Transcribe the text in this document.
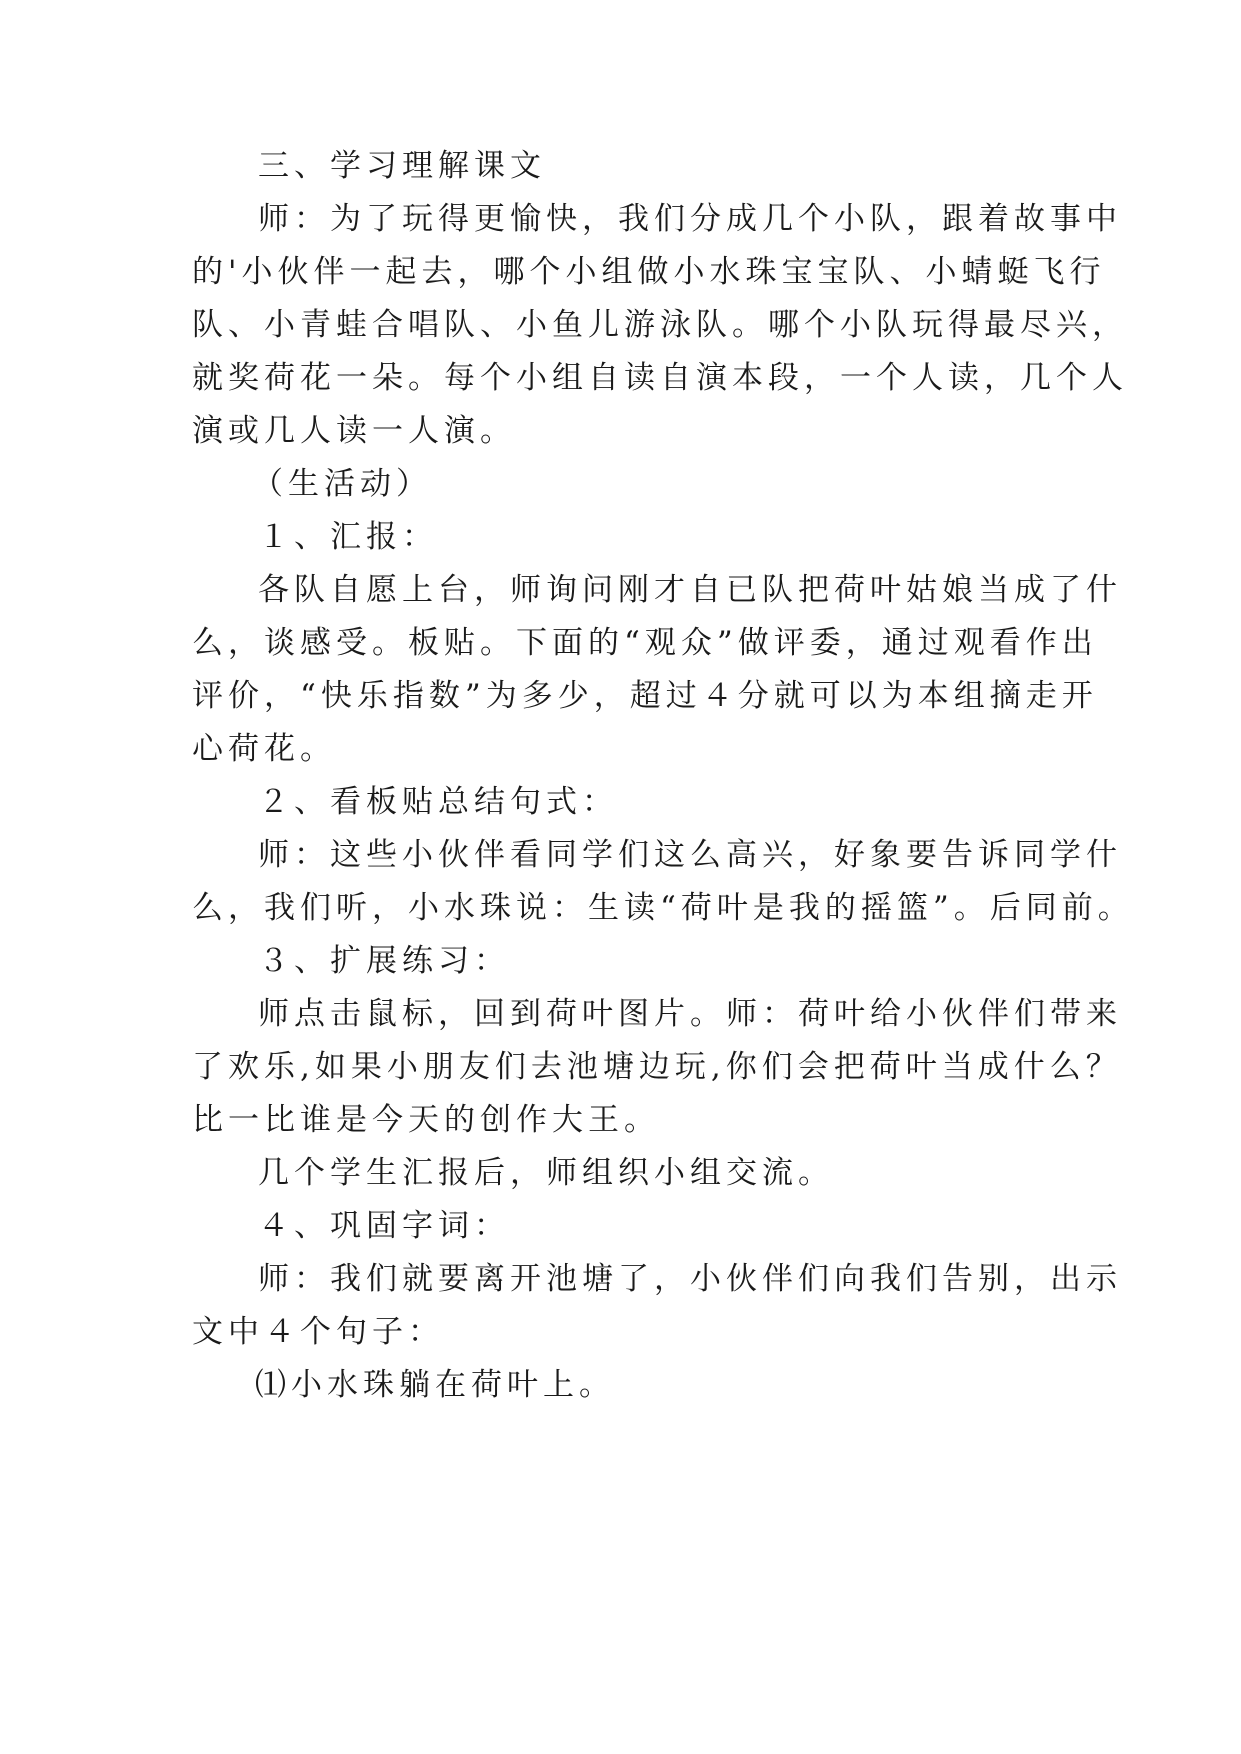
三、学习理解课文
师：为了玩得更愉快，我们分成几个小队，跟着故事中
的'小伙伴一起去，哪个小组做小水珠宝宝队、小蜻蜓飞行
队、小青蛙合唱队、小鱼儿游泳队。哪个小队玩得最尽兴，
就奖荷花一朵。每个小组自读自演本段，一个人读，几个人
演或几人读一人演。
（生活动）
１、汇报：
各队自愿上台，师询问刚才自已队把荷叶姑娘当成了什
么，谈感受。板贴。下面的“观众”做评委，通过观看作出
评价，“快乐指数”为多少，超过４分就可以为本组摘走开
心荷花。
２、看板贴总结句式：
师：这些小伙伴看同学们这么高兴，好象要告诉同学什
么，我们听，小水珠说：生读“荷叶是我的摇篮”。后同前。
３、扩展练习：
师点击鼠标，回到荷叶图片。师：荷叶给小伙伴们带来
了欢乐,如果小朋友们去池塘边玩,你们会把荷叶当成什么？
比一比谁是今天的创作大王。
几个学生汇报后，师组织小组交流。
４、巩固字词：
师：我们就要离开池塘了，小伙伴们向我们告别，出示
文中４个句子：
⑴小水珠躺在荷叶上。
